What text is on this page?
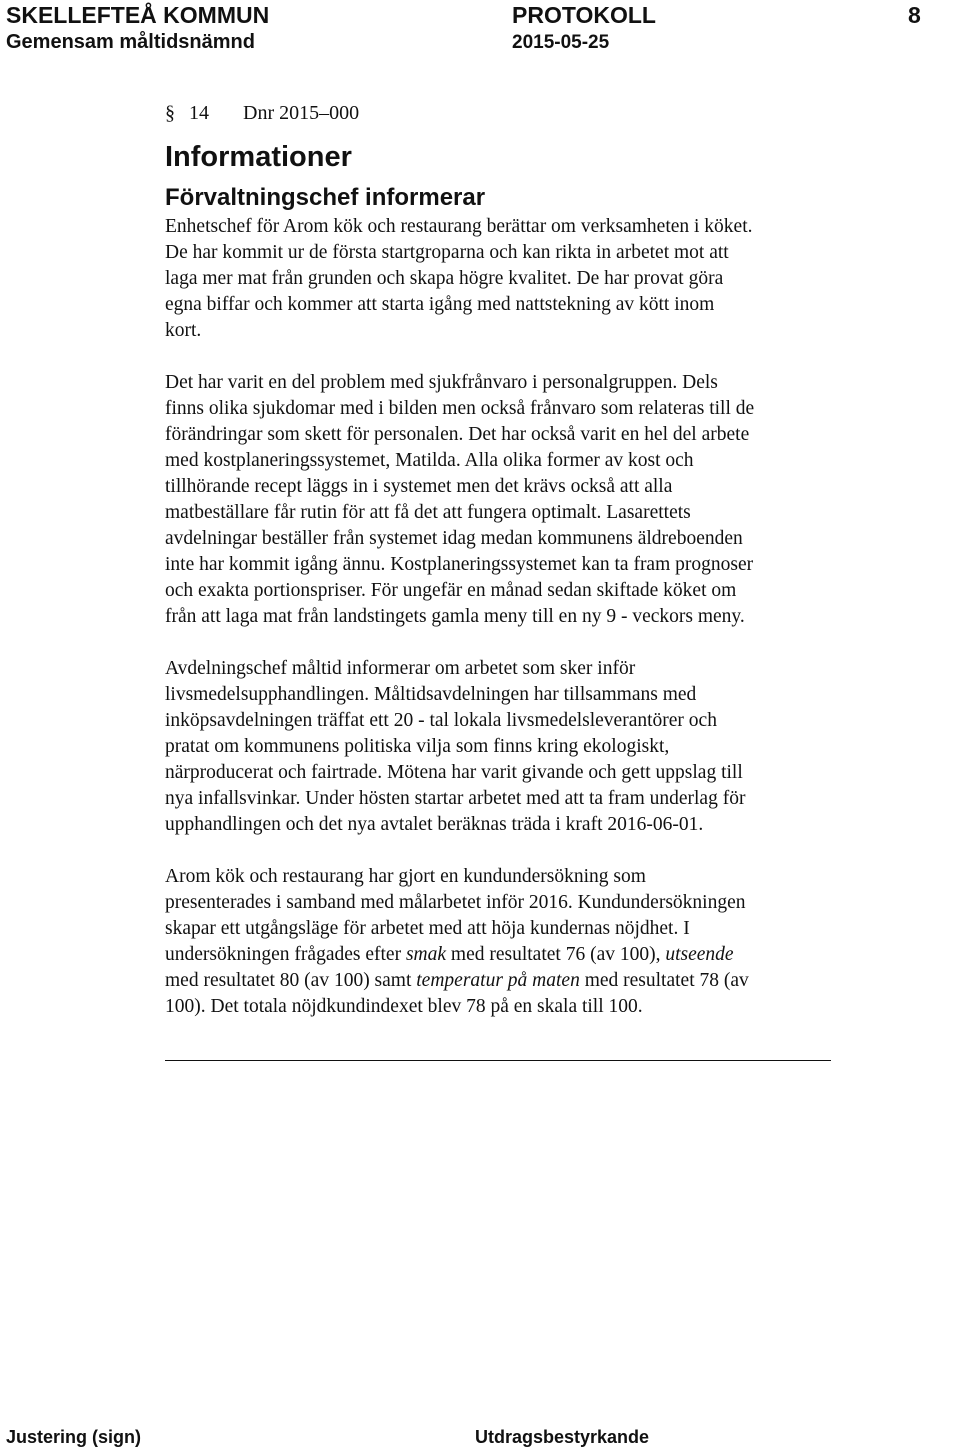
SKELLEFTEÅ KOMMUN	PROTOKOLL	8
Gemensam måltidsnämnd	2015-05-25
§ 14 Dnr 2015–000
Informationer
Förvaltningschef informerar
Enhetschef för Arom kök och restaurang berättar om verksamheten i köket.
De har kommit ur de första startgroparna och kan rikta in arbetet mot att
laga mer mat från grunden och skapa högre kvalitet. De har provat göra
egna biffar och kommer att starta igång med nattstekning av kött inom
kort.
Det har varit en del problem med sjukfrånvaro i personalgruppen. Dels
finns olika sjukdomar med i bilden men också frånvaro som relateras till de
förändringar som skett för personalen. Det har också varit en hel del arbete
med kostplaneringssystemet, Matilda. Alla olika former av kost och
tillhörande recept läggs in i systemet men det krävs också att alla
matbeställare får rutin för att få det att fungera optimalt. Lasarettets
avdelningar beställer från systemet idag medan kommunens äldreboenden
inte har kommit igång ännu. Kostplaneringssystemet kan ta fram prognoser
och exakta portionspriser. För ungefär en månad sedan skiftade köket om
från att laga mat från landstingets gamla meny till en ny 9 - veckors meny.
Avdelningschef måltid informerar om arbetet som sker inför
livsmedelsupphandlingen. Måltidsavdelningen har tillsammans med
inköpsavdelningen träffat ett 20 - tal lokala livsmedelsleverantörer och
pratat om kommunens politiska vilja som finns kring ekologiskt,
närproducerat och fairtrade. Mötena har varit givande och gett uppslag till
nya infallsvinkar. Under hösten startar arbetet med att ta fram underlag för
upphandlingen och det nya avtalet beräknas träda i kraft 2016-06-01.
Arom kök och restaurang har gjort en kundundersökning som
presenterades i samband med målarbetet inför 2016. Kundundersökningen
skapar ett utgångsläge för arbetet med att höja kundernas nöjdhet. I
undersökningen frågades efter smak med resultatet 76 (av 100), utseende
med resultatet 80 (av 100) samt temperatur på maten med resultatet 78 (av
100). Det totala nöjdkundindexet blev 78 på en skala till 100.
Justering (sign)	Utdragsbestyrkande
